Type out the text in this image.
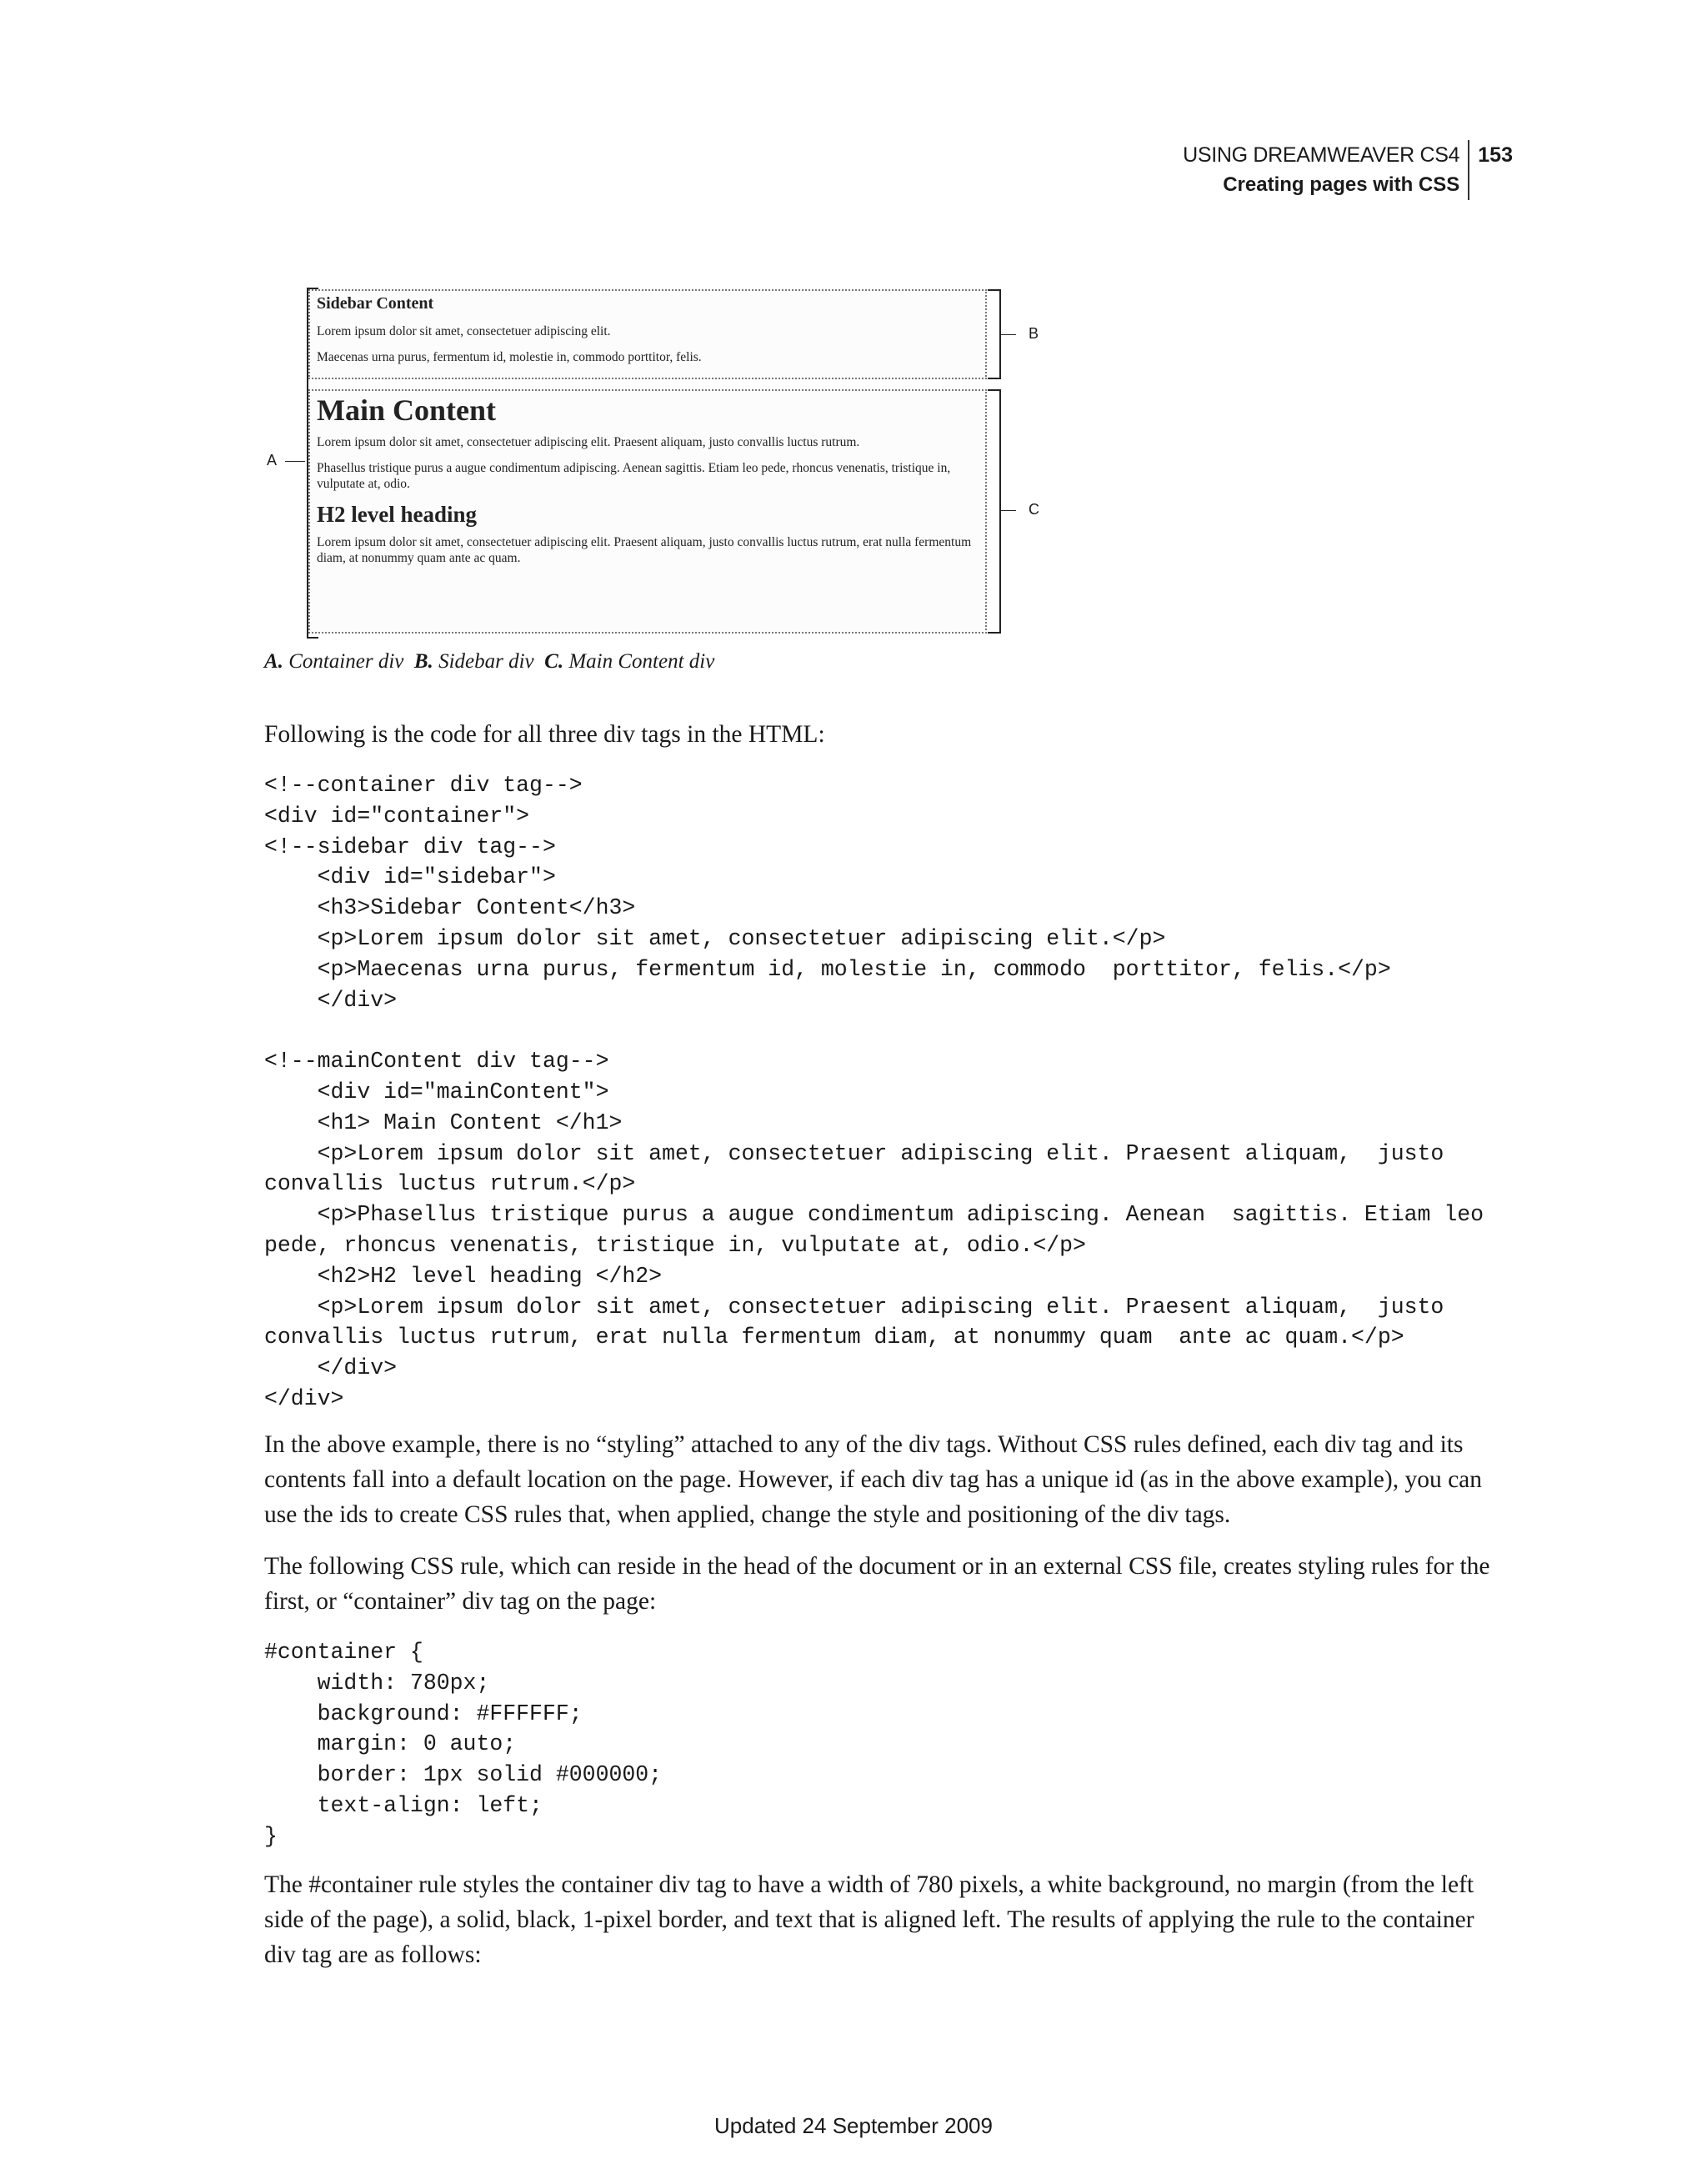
USING DREAMWEAVER CS4
Creating pages with CSS
153
A
Sidebar Content
Lorem ipsum dolor sit amet, consectetuer adipiscing elit.
Maecenas urna purus, fermentum id, molestie in, commodo porttitor, felis.
Main Content
Lorem ipsum dolor sit amet, consectetuer adipiscing elit. Praesent aliquam, justo convallis luctus rutrum.
Phasellus tristique purus a augue condimentum adipiscing. Aenean sagittis. Etiam leo pede, rhoncus venenatis, tristique in, vulputate at, odio.
H2 level heading
Lorem ipsum dolor sit amet, consectetuer adipiscing elit. Praesent aliquam, justo convallis luctus rutrum, erat nulla fermentum diam, at nonummy quam ante ac quam.
B
C
A. Container div B. Sidebar div C. Main Content div
Following is the code for all three div tags in the HTML:
<!--container div tag-->
<div id="container">
<!--sidebar div tag-->
<div id="sidebar">
<h3>Sidebar Content</h3>
<p>Lorem ipsum dolor sit amet, consectetuer adipiscing elit.</p>
<p>Maecenas urna purus, fermentum id, molestie in, commodo  porttitor, felis.</p>
</div>

<!--mainContent div tag-->
<div id="mainContent">
<h1> Main Content </h1>
<p>Lorem ipsum dolor sit amet, consectetuer adipiscing elit. Praesent aliquam,  justo
convallis luctus rutrum.</p>
<p>Phasellus tristique purus a augue condimentum adipiscing. Aenean  sagittis. Etiam leo
pede, rhoncus venenatis, tristique in, vulputate at, odio.</p>
<h2>H2 level heading </h2>
<p>Lorem ipsum dolor sit amet, consectetuer adipiscing elit. Praesent aliquam,  justo
convallis luctus rutrum, erat nulla fermentum diam, at nonummy quam  ante ac quam.</p>
</div>
</div>
In the above example, there is no “styling” attached to any of the div tags. Without CSS rules defined, each div tag and its contents fall into a default location on the page. However, if each div tag has a unique id (as in the above example), you can use the ids to create CSS rules that, when applied, change the style and positioning of the div tags.
The following CSS rule, which can reside in the head of the document or in an external CSS file, creates styling rules for the first, or “container” div tag on the page:
#container {
width: 780px;
background: #FFFFFF;
margin: 0 auto;
border: 1px solid #000000;
text-align: left;
}
The #container rule styles the container div tag to have a width of 780 pixels, a white background, no margin (from the left side of the page), a solid, black, 1-pixel border, and text that is aligned left. The results of applying the rule to the container div tag are as follows:
Updated 24 September 2009
